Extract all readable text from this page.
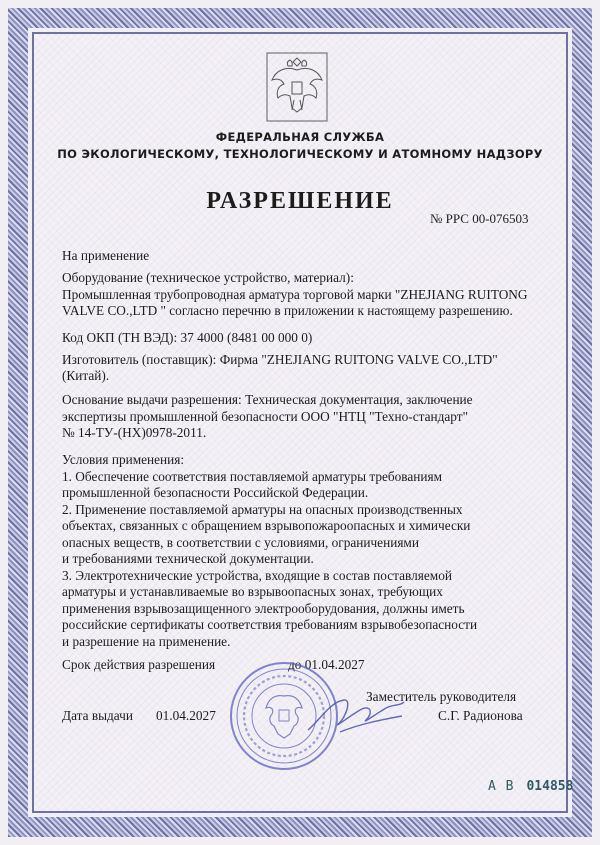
ФЕДЕРАЛЬНАЯ СЛУЖБА
ПО ЭКОЛОГИЧЕСКОМУ, ТЕХНОЛОГИЧЕСКОМУ И АТОМНОМУ НАДЗОРУ
РАЗРЕШЕНИЕ
№ РРС 00-076503
На применение
Оборудование (техническое устройство, материал):
Промышленная трубопроводная арматура торговой марки "ZHEJIANG RUITONG
VALVE CO.,LTD " согласно перечню в приложении к настоящему разрешению.
Код ОКП (ТН ВЭД): 37 4000 (8481 00 000 0)
Изготовитель (поставщик): Фирма "ZHEJIANG RUITONG VALVE CO.,LTD"
(Китай).
Основание выдачи разрешения: Техническая документация, заключение
экспертизы промышленной безопасности ООО "НТЦ "Техно-стандарт"
№ 14-ТУ-(НХ)0978-2011.
Условия применения:
1. Обеспечение соответствия поставляемой арматуры требованиям
промышленной безопасности Российской Федерации.
2. Применение поставляемой арматуры на опасных производственных
объектах, связанных с обращением взрывопожароопасных и химически
опасных веществ, в соответствии с условиями, ограничениями
и требованиями технической документации.
3. Электротехнические устройства, входящие в состав поставляемой
арматуры и устанавливаемые во взрывоопасных зонах, требующих
применения взрывозащищенного электрооборудования, должны иметь
российские сертификаты соответствия требованиям взрывобезопасности
и разрешение на применение.
Срок действия разрешения	до 01.04.2027
Заместитель руководителя
Дата выдачи 01.04.2027	С.Г. Радионова
А В 014858
